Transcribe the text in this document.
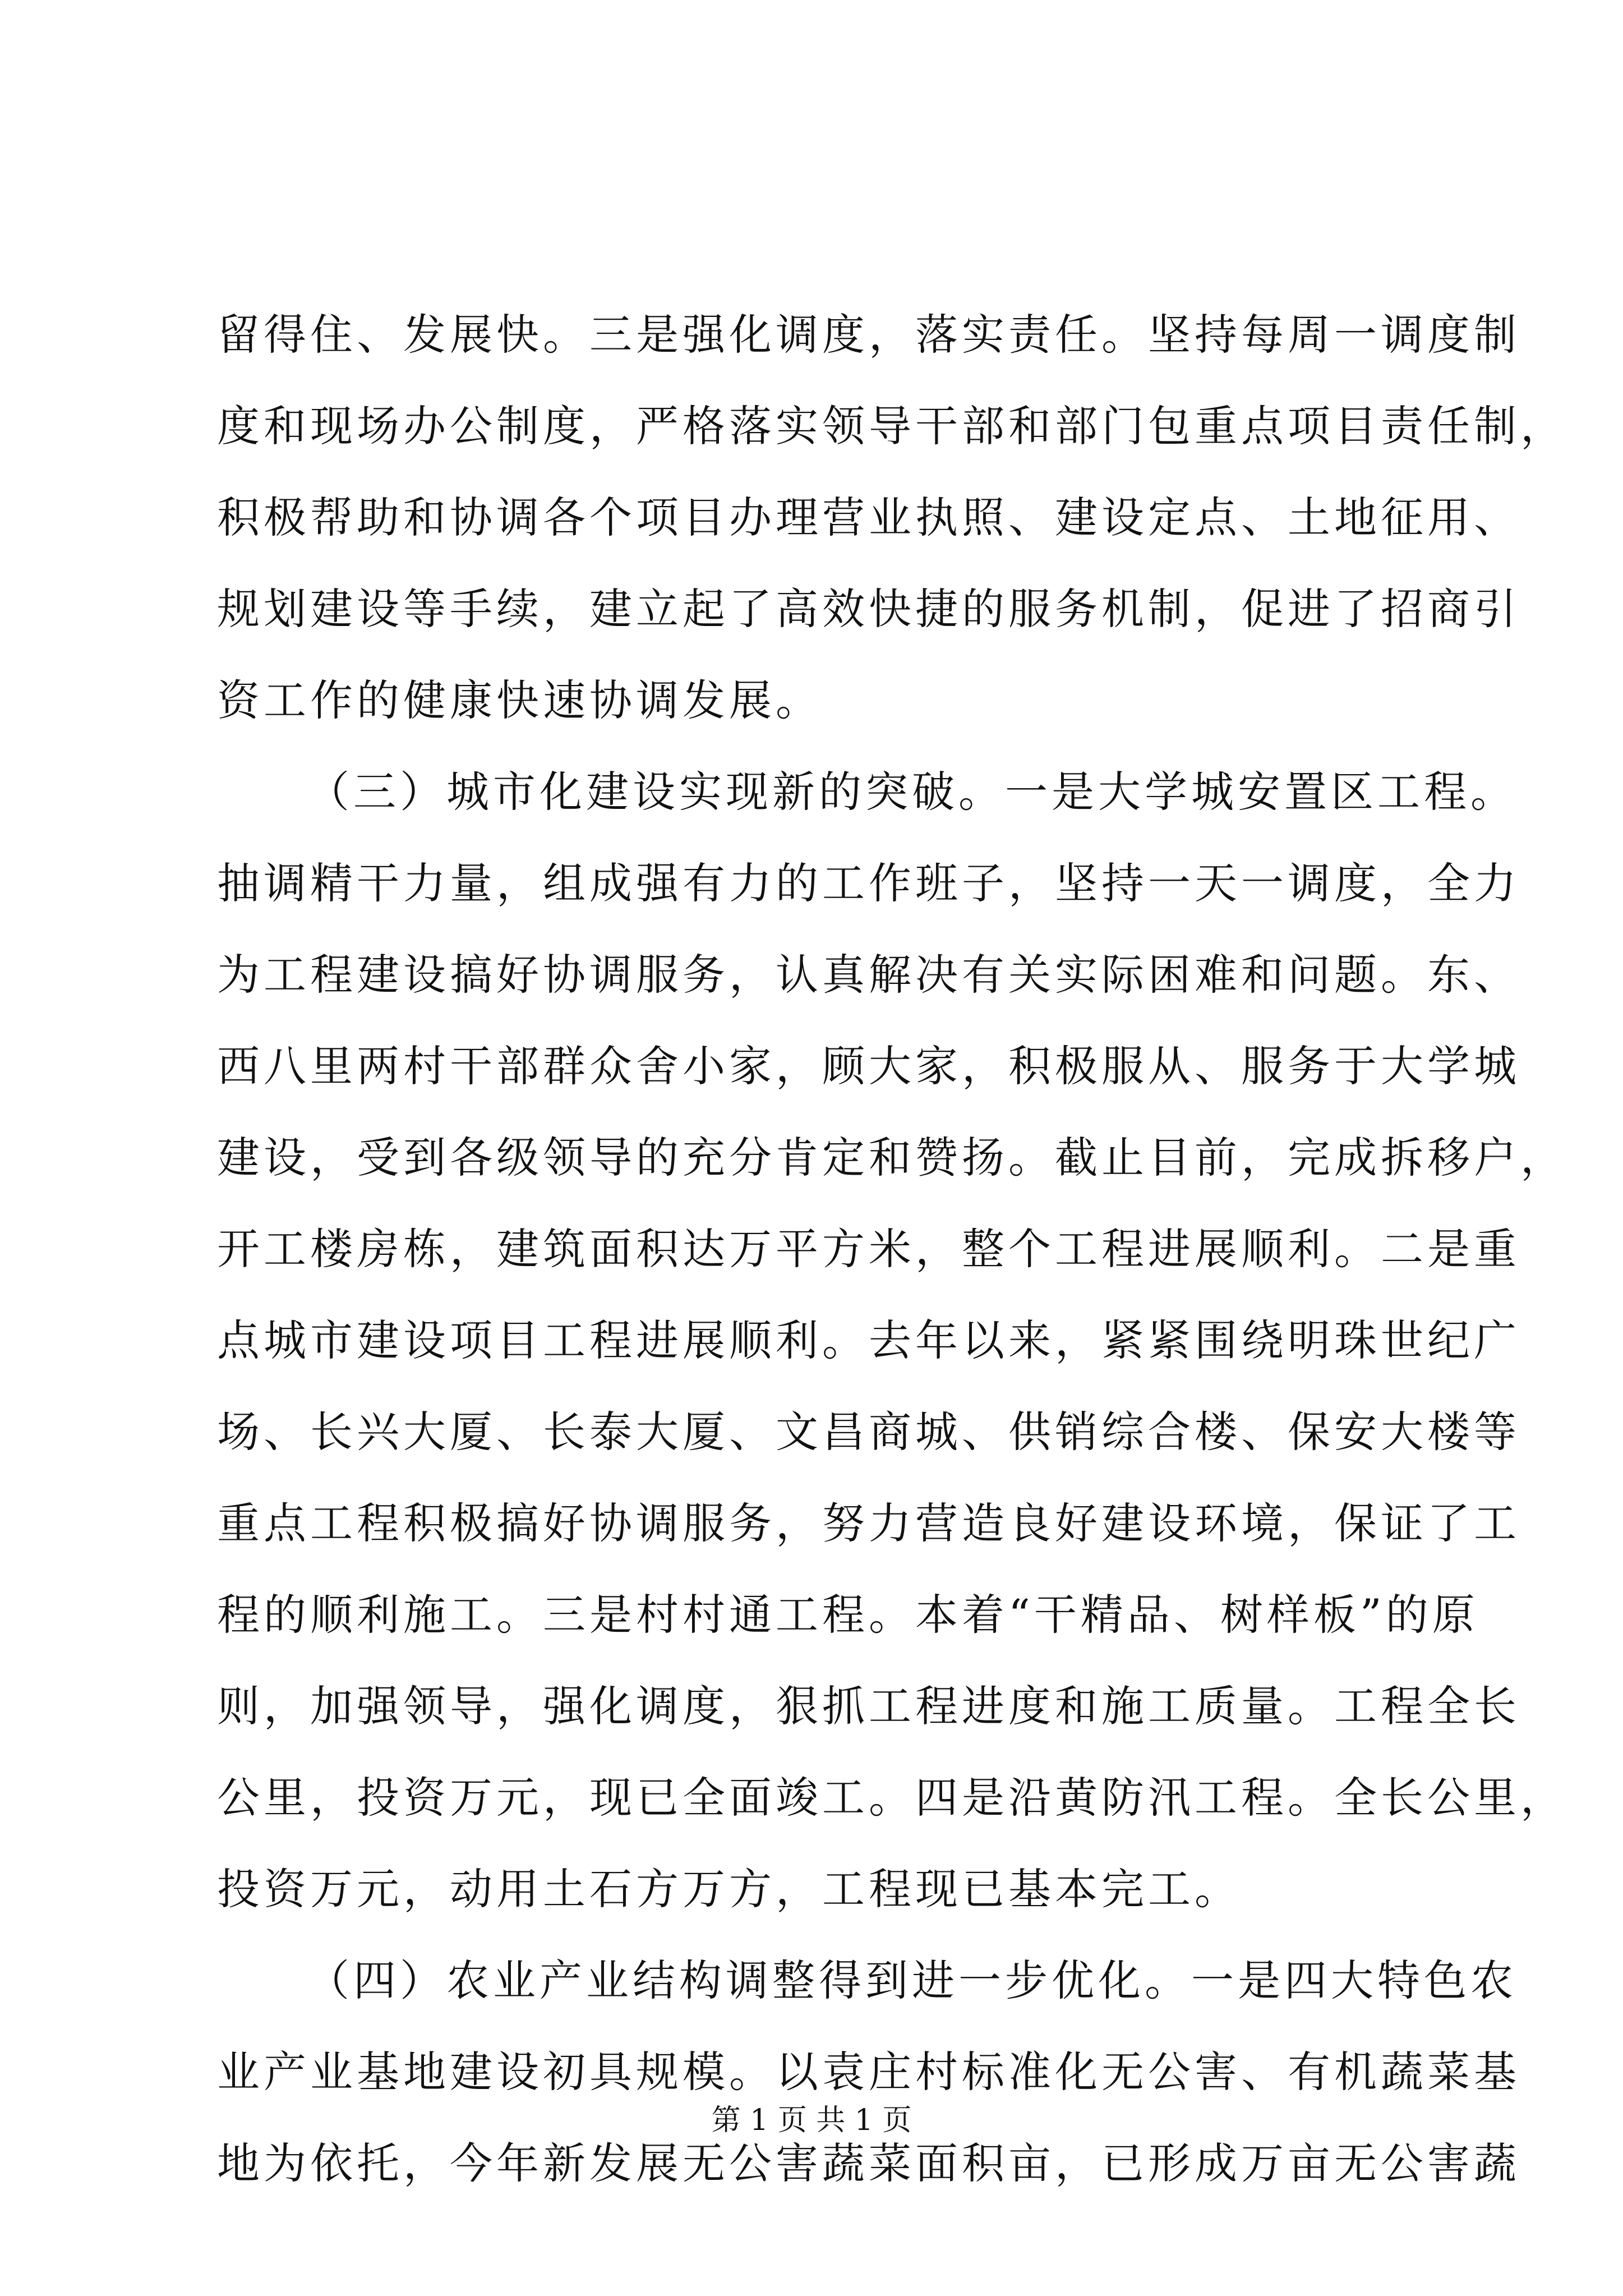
留得住、发展快。三是强化调度，落实责任。坚持每周一调度制
度和现场办公制度，严格落实领导干部和部门包重点项目责任制，
积极帮助和协调各个项目办理营业执照、建设定点、土地征用、
规划建设等手续，建立起了高效快捷的服务机制，促进了招商引
资工作的健康快速协调发展。
（三）城市化建设实现新的突破。一是大学城安置区工程。
抽调精干力量，组成强有力的工作班子，坚持一天一调度，全力
为工程建设搞好协调服务，认真解决有关实际困难和问题。东、
西八里两村干部群众舍小家，顾大家，积极服从、服务于大学城
建设，受到各级领导的充分肯定和赞扬。截止目前，完成拆移户，
开工楼房栋，建筑面积达万平方米，整个工程进展顺利。二是重
点城市建设项目工程进展顺利。去年以来，紧紧围绕明珠世纪广
场、长兴大厦、长泰大厦、文昌商城、供销综合楼、保安大楼等
重点工程积极搞好协调服务，努力营造良好建设环境，保证了工
程的顺利施工。三是村村通工程。本着“干精品、树样板”的原
则，加强领导，强化调度，狠抓工程进度和施工质量。工程全长
公里，投资万元，现已全面竣工。四是沿黄防汛工程。全长公里，
投资万元，动用土石方万方，工程现已基本完工。
（四）农业产业结构调整得到进一步优化。一是四大特色农
业产业基地建设初具规模。以袁庄村标准化无公害、有机蔬菜基
地为依托，今年新发展无公害蔬菜面积亩，已形成万亩无公害蔬
第 1 页 共 1 页
